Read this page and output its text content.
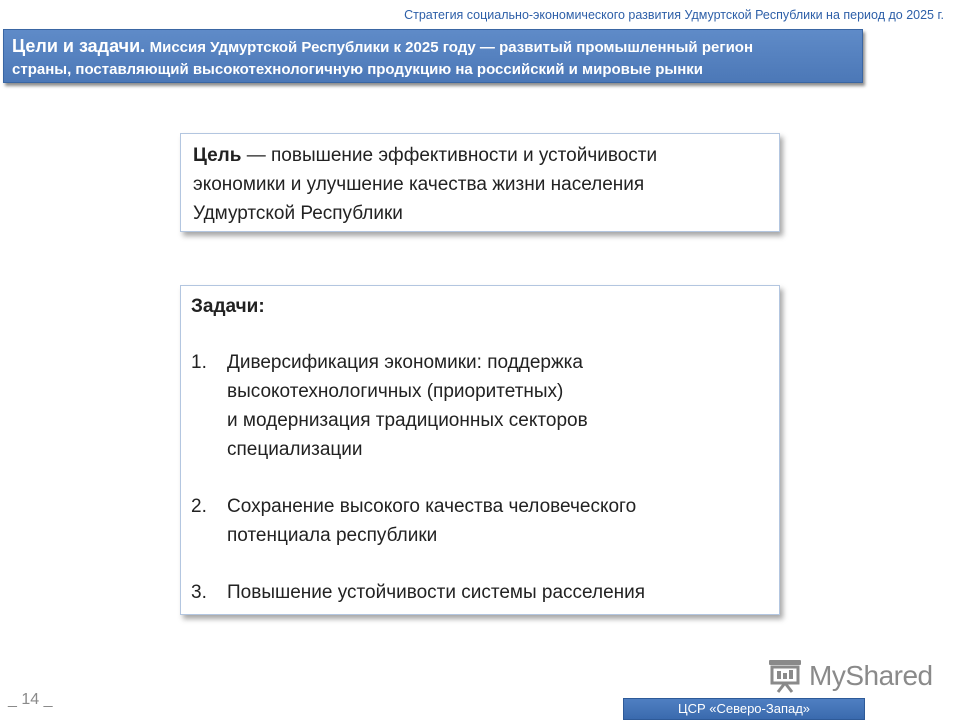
Стратегия социально-экономического развития Удмуртской Республики на период до 2025 г.
Цели и задачи. Миссия Удмуртской Республики к 2025 году — развитый промышленный регион
страны, поставляющий высокотехнологичную продукцию на российский и мировые рынки
Цель — повышение эффективности и устойчивости
экономики и улучшение качества жизни населения
Удмуртской Республики
Задачи:
1. Диверсификация экономики: поддержка
высокотехнологичных (приоритетных)
и модернизация традиционных секторов
специализации
2. Сохранение высокого качества человеческого
потенциала республики
3. Повышение устойчивости системы расселения
MyShared
_ 14 _
ЦСР «Северо-Запад»
